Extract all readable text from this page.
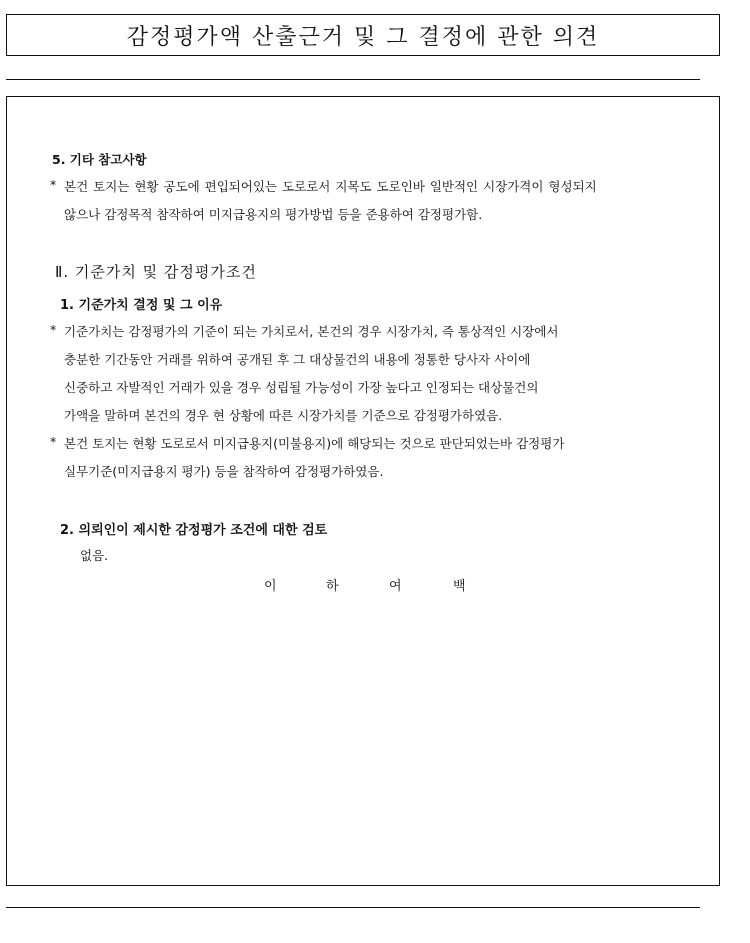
감정평가액 산출근거 및 그 결정에 관한 의견
5. 기타 참고사항
* 본건 토지는 현황 공도에 편입되어있는 도로로서 지목도 도로인바 일반적인 시장가격이 형성되지
않으나 감정목적 참작하여 미지급용지의 평가방법 등을 준용하여 감정평가함.
Ⅱ. 기준가치 및 감정평가조건
1. 기준가치 결정 및 그 이유
* 기준가치는 감정평가의 기준이 되는 가치로서, 본건의 경우 시장가치, 즉 통상적인 시장에서
충분한 기간동안 거래를 위하여 공개된 후 그 대상물건의 내용에 정통한 당사자 사이에
신중하고 자발적인 거래가 있을 경우 성립될 가능성이 가장 높다고 인정되는 대상물건의
가액을 말하며 본건의 경우 현 상황에 따른 시장가치를 기준으로 감정평가하였음.
* 본건 토지는 현황 도로로서 미지급용지(미불용지)에 해당되는 것으로 판단되었는바 감정평가
실무기준(미지급용지 평가) 등을 참작하여 감정평가하였음.
2. 의뢰인이 제시한 감정평가 조건에 대한 검토
없음.
이	하	여	백
